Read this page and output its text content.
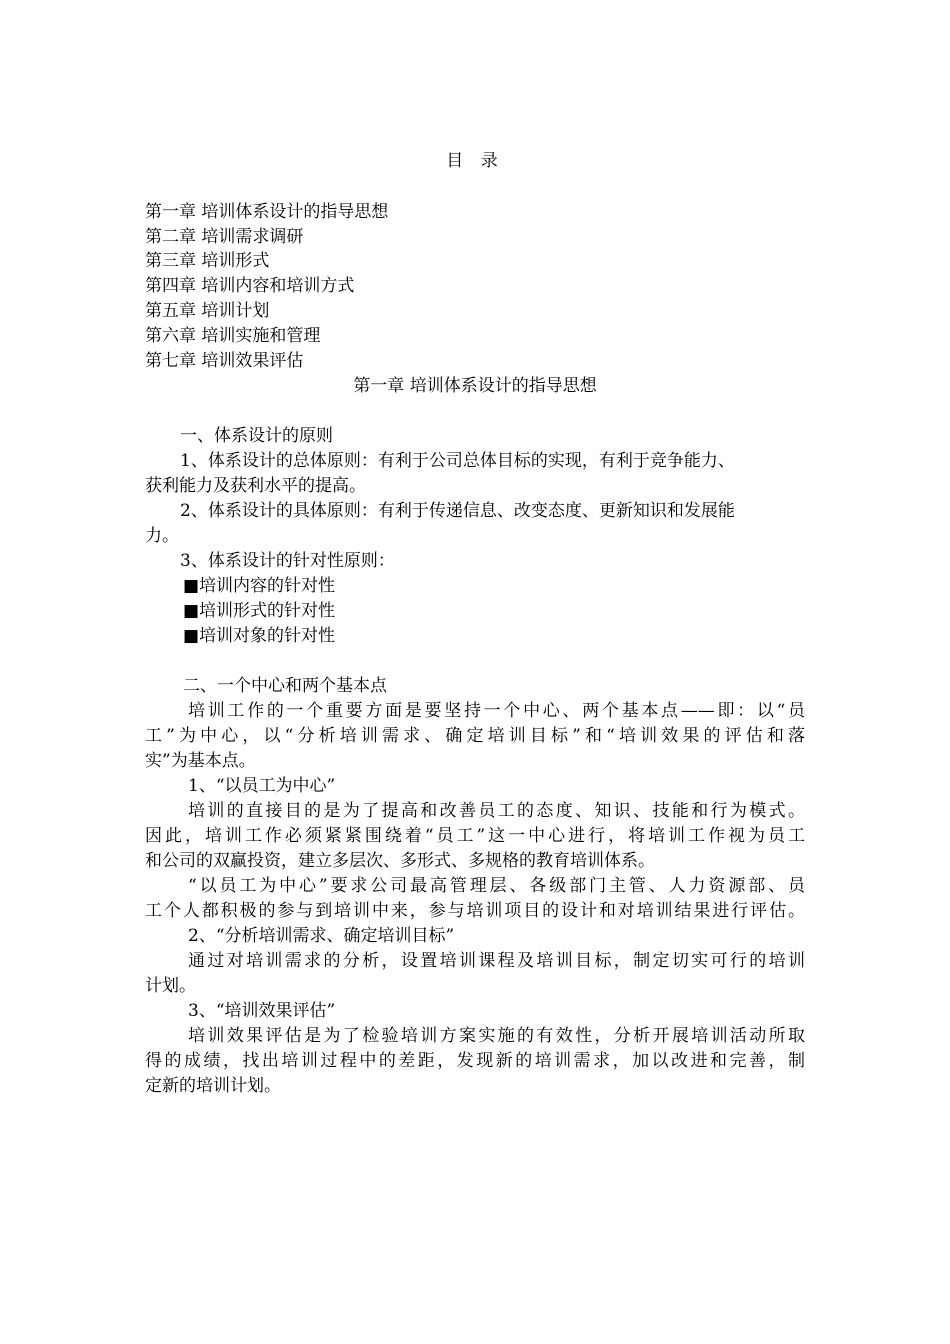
目 录
第一章 培训体系设计的指导思想
第二章 培训需求调研
第三章 培训形式
第四章 培训内容和培训方式
第五章 培训计划
第六章 培训实施和管理
第七章 培训效果评估
第一章 培训体系设计的指导思想
一、体系设计的原则
1、体系设计的总体原则：有利于公司总体目标的实现，有利于竞争能力、
获利能力及获利水平的提高。
2、体系设计的具体原则：有利于传递信息、改变态度、更新知识和发展能
力。
3、体系设计的针对性原则：
■培训内容的针对性
■培训形式的针对性
■培训对象的针对性
二、一个中心和两个基本点
培训工作的一个重要方面是要坚持一个中心、两个基本点——即：以“员
工”为中心，以“分析培训需求、确定培训目标”和“培训效果的评估和落
实”为基本点。
1、“以员工为中心”
培训的直接目的是为了提高和改善员工的态度、知识、技能和行为模式。
因此，培训工作必须紧紧围绕着“员工”这一中心进行，将培训工作视为员工
和公司的双赢投资，建立多层次、多形式、多规格的教育培训体系。
“以员工为中心”要求公司最高管理层、各级部门主管、人力资源部、员
工个人都积极的参与到培训中来，参与培训项目的设计和对培训结果进行评估。
2、“分析培训需求、确定培训目标”
通过对培训需求的分析，设置培训课程及培训目标，制定切实可行的培训
计划。
3、“培训效果评估”
培训效果评估是为了检验培训方案实施的有效性，分析开展培训活动所取
得的成绩，找出培训过程中的差距，发现新的培训需求，加以改进和完善，制
定新的培训计划。
